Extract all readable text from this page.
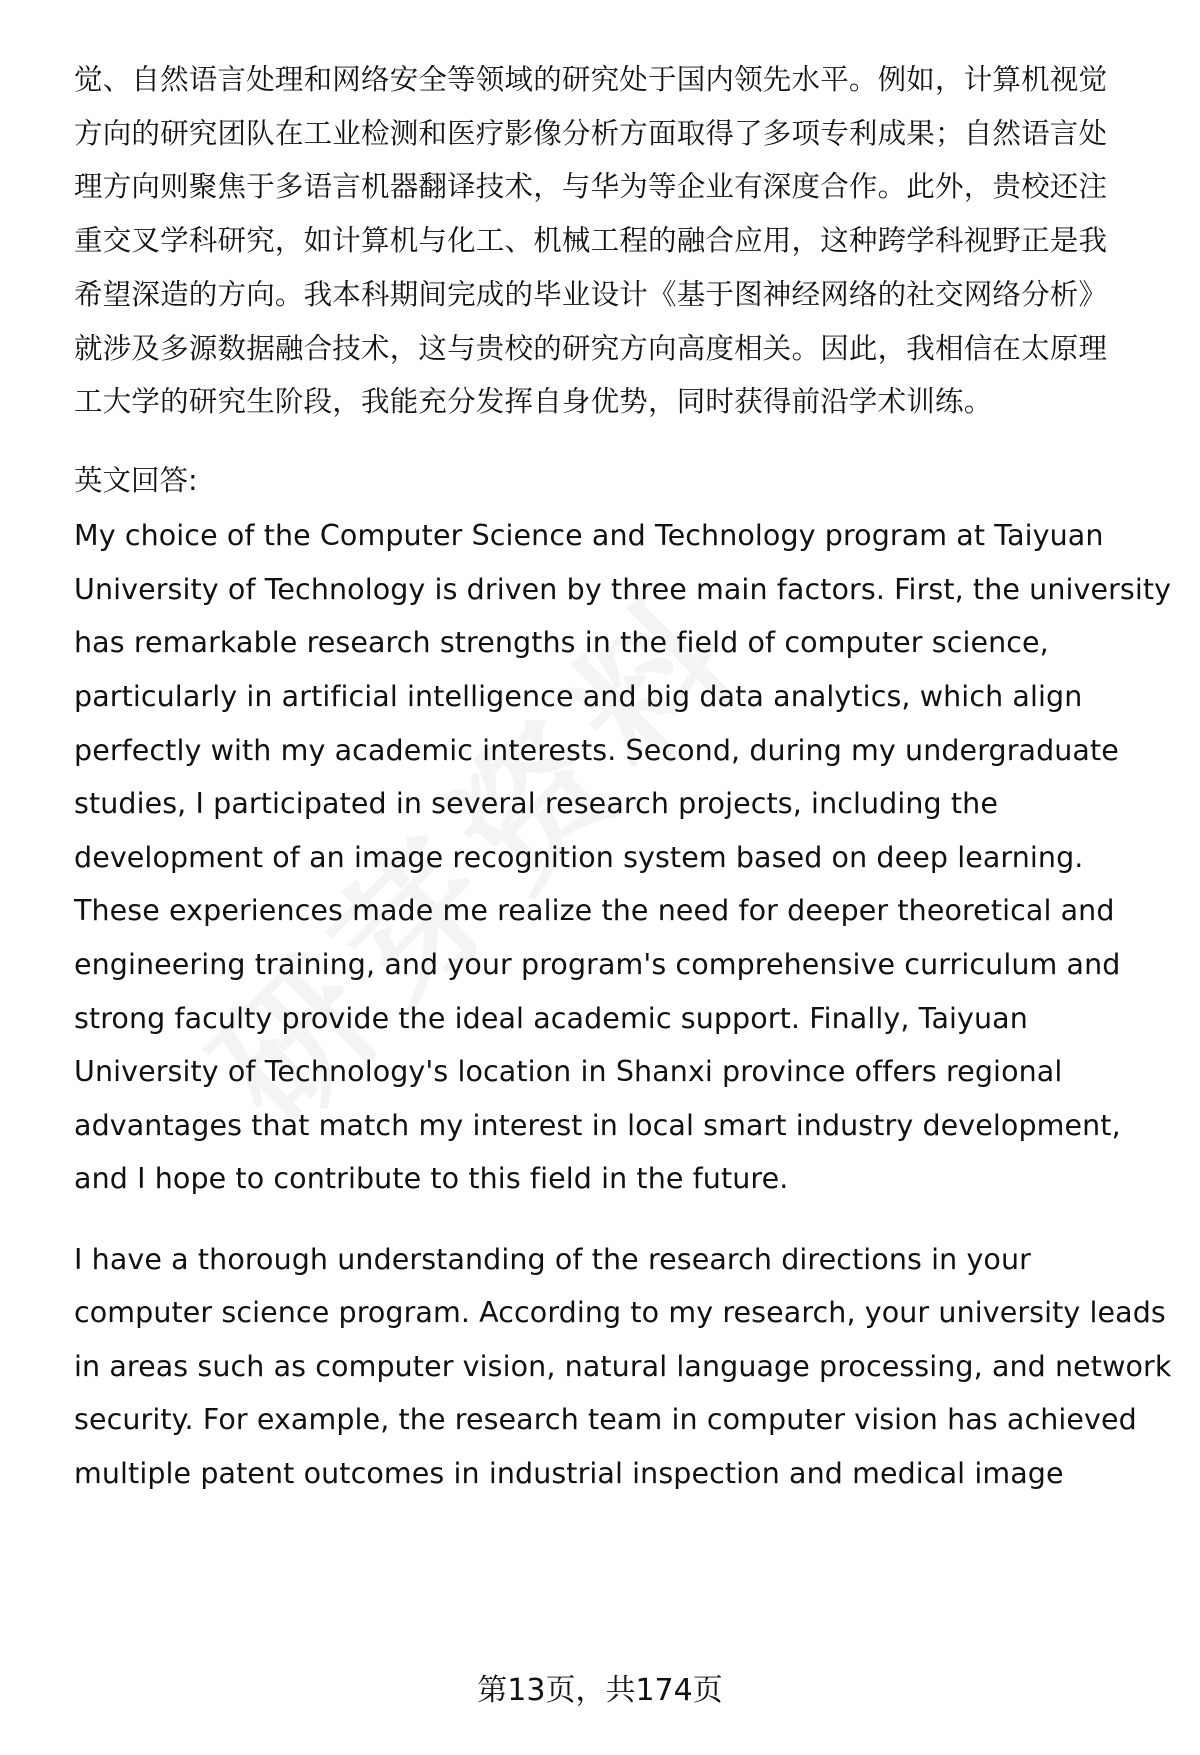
觉、自然语言处理和网络安全等领域的研究处于国内领先水平。例如，计算机视觉
方向的研究团队在工业检测和医疗影像分析方面取得了多项专利成果；自然语言处
理方向则聚焦于多语言机器翻译技术，与华为等企业有深度合作。此外，贵校还注
重交叉学科研究，如计算机与化工、机械工程的融合应用，这种跨学科视野正是我
希望深造的方向。我本科期间完成的毕业设计《基于图神经网络的社交网络分析》
就涉及多源数据融合技术，这与贵校的研究方向高度相关。因此，我相信在太原理
工大学的研究生阶段，我能充分发挥自身优势，同时获得前沿学术训练。
英文回答:
My choice of the Computer Science and Technology program at Taiyuan
University of Technology is driven by three main factors. First, the university
has remarkable research strengths in the field of computer science,
particularly in artificial intelligence and big data analytics, which align
perfectly with my academic interests. Second, during my undergraduate
studies, I participated in several research projects, including the
development of an image recognition system based on deep learning.
These experiences made me realize the need for deeper theoretical and
engineering training, and your program's comprehensive curriculum and
strong faculty provide the ideal academic support. Finally, Taiyuan
University of Technology's location in Shanxi province offers regional
advantages that match my interest in local smart industry development,
and I hope to contribute to this field in the future.
I have a thorough understanding of the research directions in your
computer science program. According to my research, your university leads
in areas such as computer vision, natural language processing, and network
security. For example, the research team in computer vision has achieved
multiple patent outcomes in industrial inspection and medical image
第13页，共174页
